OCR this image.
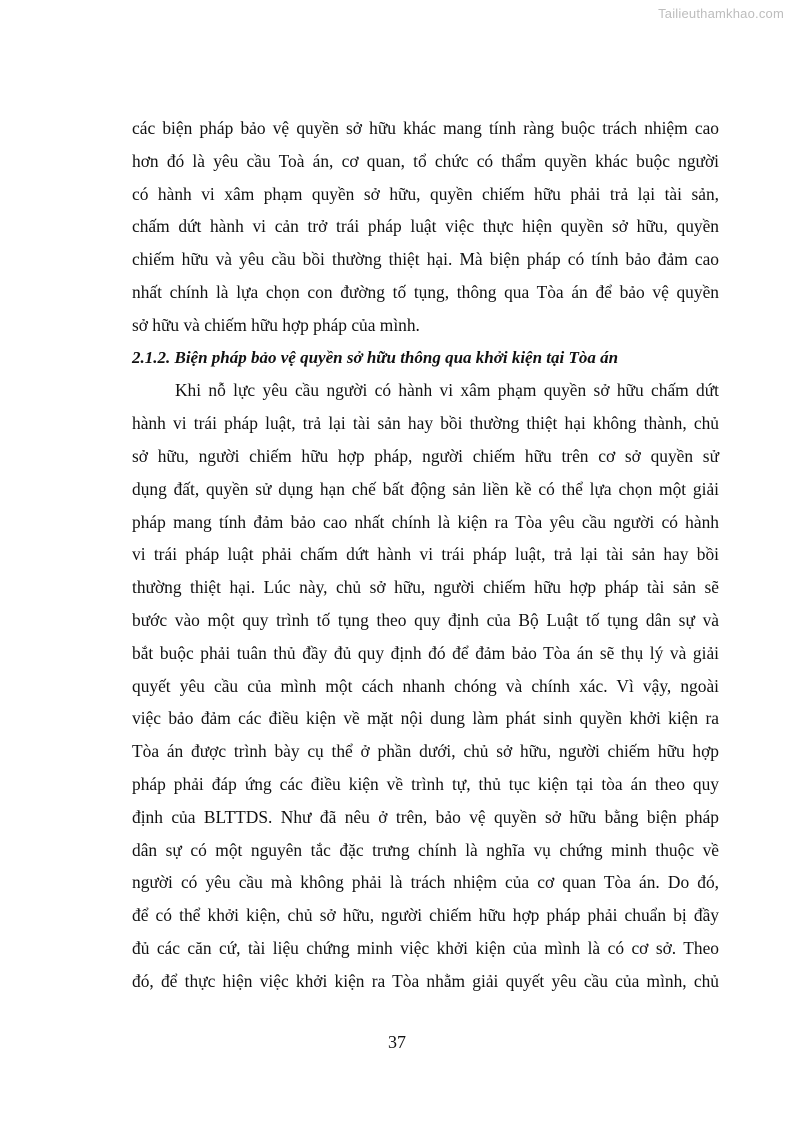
Tailieuthamkhao.com
các biện pháp bảo vệ quyền sở hữu khác mang tính ràng buộc trách nhiệm cao
hơn đó là yêu cầu Toà án, cơ quan, tổ chức có thẩm quyền khác buộc người
có hành vi xâm phạm quyền sở hữu, quyền chiếm hữu phải trả lại tài sản,
chấm dứt hành vi cản trở trái pháp luật việc thực hiện quyền sở hữu, quyền
chiếm hữu và yêu cầu bồi thường thiệt hại. Mà biện pháp có tính bảo đảm cao
nhất chính là lựa chọn con đường tố tụng, thông qua Tòa án để bảo vệ quyền
sở hữu và chiếm hữu hợp pháp của mình.
2.1.2. Biện pháp bảo vệ quyền sở hữu thông qua khởi kiện tại Tòa án
Khi nỗ lực yêu cầu người có hành vi xâm phạm quyền sở hữu chấm dứt
hành vi trái pháp luật, trả lại tài sản hay bồi thường thiệt hại không thành, chủ
sở hữu, người chiếm hữu hợp pháp, người chiếm hữu trên cơ sở quyền sử
dụng đất, quyền sử dụng hạn chế bất động sản liền kề có thể lựa chọn một giải
pháp mang tính đảm bảo cao nhất chính là kiện ra Tòa yêu cầu người có hành
vi trái pháp luật phải chấm dứt hành vi trái pháp luật, trả lại tài sản hay bồi
thường thiệt hại. Lúc này, chủ sở hữu, người chiếm hữu hợp pháp tài sản sẽ
bước vào một quy trình tố tụng theo quy định của Bộ Luật tố tụng dân sự và
bắt buộc phải tuân thủ đầy đủ quy định đó để đảm bảo Tòa án sẽ thụ lý và giải
quyết yêu cầu của mình một cách nhanh chóng và chính xác. Vì vậy, ngoài
việc bảo đảm các điều kiện về mặt nội dung làm phát sinh quyền khởi kiện ra
Tòa án được trình bày cụ thể ở phần dưới, chủ sở hữu, người chiếm hữu hợp
pháp phải đáp ứng các điều kiện về trình tự, thủ tục kiện tại tòa án theo quy
định của BLTTDS. Như đã nêu ở trên, bảo vệ quyền sở hữu bằng biện pháp
dân sự có một nguyên tắc đặc trưng chính là nghĩa vụ chứng minh thuộc về
người có yêu cầu mà không phải là trách nhiệm của cơ quan Tòa án. Do đó,
để có thể khởi kiện, chủ sở hữu, người chiếm hữu hợp pháp phải chuẩn bị đầy
đủ các căn cứ, tài liệu chứng minh việc khởi kiện của mình là có cơ sở. Theo
đó, để thực hiện việc khởi kiện ra Tòa nhằm giải quyết yêu cầu của mình, chủ
37
